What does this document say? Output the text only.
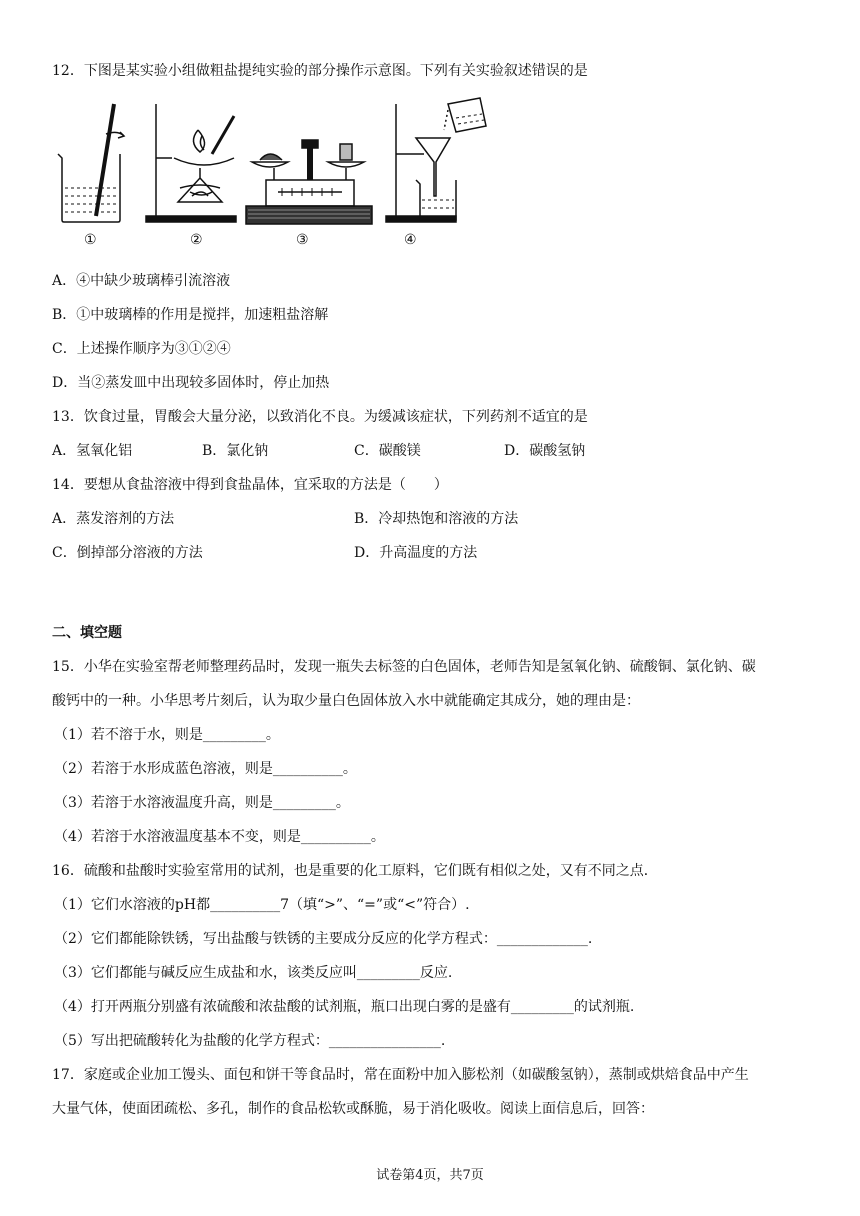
12．下图是某实验小组做粗盐提纯实验的部分操作示意图。下列有关实验叙述错误的是
①	②	③	④
A．④中缺少玻璃棒引流溶液
B．①中玻璃棒的作用是搅拌，加速粗盐溶解
C．上述操作顺序为③①②④
D．当②蒸发皿中出现较多固体时，停止加热
13．饮食过量，胃酸会大量分泌，以致消化不良。为缓减该症状，下列药剂不适宜的是
A．氢氧化铝	B．氯化钠	C．碳酸镁	D．碳酸氢钠
14．要想从食盐溶液中得到食盐晶体，宜采取的方法是（　　）
A．蒸发溶剂的方法	B．冷却热饱和溶液的方法
C．倒掉部分溶液的方法	D．升高温度的方法
二、填空题
15．小华在实验室帮老师整理药品时，发现一瓶失去标签的白色固体，老师告知是氢氧化钠、硫酸铜、氯化钠、碳
酸钙中的一种。小华思考片刻后，认为取少量白色固体放入水中就能确定其成分，她的理由是：
（1）若不溶于水，则是_________。
（2）若溶于水形成蓝色溶液，则是__________。
（3）若溶于水溶液温度升高，则是_________。
（4）若溶于水溶液温度基本不变，则是__________。
16．硫酸和盐酸时实验室常用的试剂，也是重要的化工原料，它们既有相似之处，又有不同之点．
（1）它们水溶液的pH都__________7（填“>”、“=”或“<”符合）.
（2）它们都能除铁锈，写出盐酸与铁锈的主要成分反应的化学方程式：_____________.
（3）它们都能与碱反应生成盐和水，该类反应叫_________反应.
（4）打开两瓶分别盛有浓硫酸和浓盐酸的试剂瓶，瓶口出现白雾的是盛有_________的试剂瓶.
（5）写出把硫酸转化为盐酸的化学方程式：________________.
17．家庭或企业加工馒头、面包和饼干等食品时，常在面粉中加入膨松剂（如碳酸氢钠），蒸制或烘焙食品中产生
大量气体，使面团疏松、多孔，制作的食品松软或酥脆，易于消化吸收。阅读上面信息后，回答：
试卷第4页，共7页
